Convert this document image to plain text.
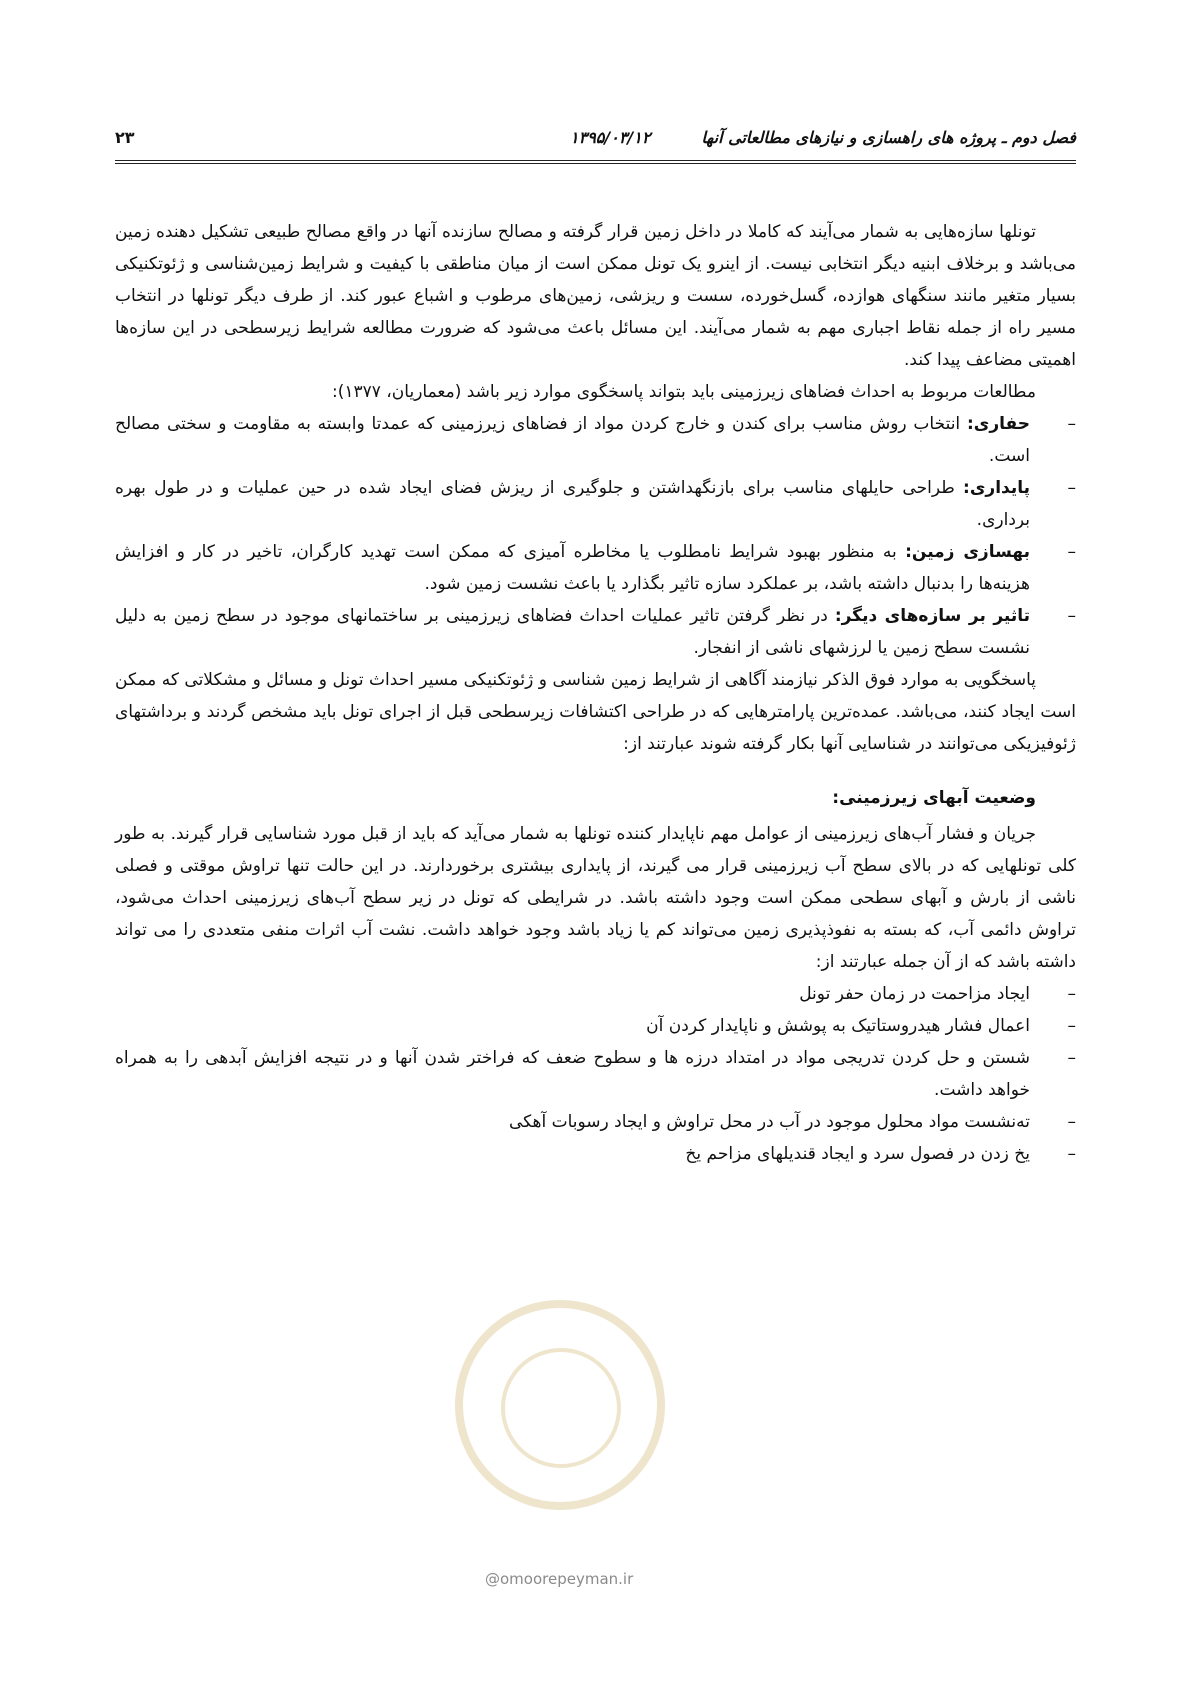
فصل دوم ـ پروژه های راهسازی و نیازهای مطالعاتی آنها
۱۳۹۵/۰۳/۱۲
۲۳

تونلها سازه‌هایی به شمار می‌آیند که کاملا در داخل زمین قرار گرفته و مصالح سازنده آنها در واقع مصالح طبیعی تشکیل دهنده زمین می‌باشد و برخلاف ابنیه دیگر انتخابی نیست. از اینرو یک تونل ممکن است از میان مناطقی با کیفیت و شرایط زمین‌شناسی و ژئوتکنیکی بسیار متغیر مانند سنگهای هوازده، گسل‌خورده، سست و ریزشی، زمین‌های مرطوب و اشباع عبور کند. از طرف دیگر تونلها در انتخاب مسیر راه از جمله نقاط اجباری مهم به شمار می‌آیند. این مسائل باعث می‌شود که ضرورت مطالعه شرایط زیرسطحی در این سازه‌ها اهمیتی مضاعف پیدا کند.

مطالعات مربوط به احداث فضاهای زیرزمینی باید بتواند پاسخگوی موارد زیر باشد (معماریان، ۱۳۷۷):

–
حفاری: انتخاب روش مناسب برای کندن و خارج کردن مواد از فضاهای زیرزمینی که عمدتا وابسته به مقاومت و سختی مصالح است.
–
پایداری: طراحی حایلهای مناسب برای بازنگهداشتن و جلوگیری از ریزش فضای ایجاد شده در حین عملیات و در طول بهره برداری.
–
بهسازی زمین: به منظور بهبود شرایط نامطلوب یا مخاطره آمیزی که ممکن است تهدید کارگران، تاخیر در کار و افزایش هزینه‌ها را بدنبال داشته باشد، بر عملکرد سازه تاثیر بگذارد یا باعث نشست زمین شود.
–
تاثیر بر سازه‌های دیگر: در نظر گرفتن تاثیر عملیات احداث فضاهای زیرزمینی بر ساختمانهای موجود در سطح زمین به دلیل نشست سطح زمین یا لرزشهای ناشی از انفجار.

پاسخگویی به موارد فوق الذکر نیازمند آگاهی از شرایط زمین شناسی و ژئوتکنیکی مسیر احداث تونل و مسائل و مشکلاتی که ممکن است ایجاد کنند، می‌باشد. عمده‌ترین پارامترهایی که در طراحی اکتشافات زیرسطحی قبل از اجرای تونل باید مشخص گردند و برداشتهای ژئوفیزیکی می‌توانند در شناسایی آنها بکار گرفته شوند عبارتند از:

وضعیت آبهای زیرزمینی:

جریان و فشار آب‌های زیرزمینی از عوامل مهم ناپایدار کننده تونلها به شمار می‌آید که باید از قبل مورد شناسایی قرار گیرند. به طور کلی تونلهایی که در بالای سطح آب زیرزمینی قرار می گیرند، از پایداری بیشتری برخوردارند. در این حالت تنها تراوش موقتی و فصلی ناشی از بارش و آبهای سطحی ممکن است وجود داشته باشد. در شرایطی که تونل در زیر سطح آب‌های زیرزمینی احداث می‌شود، تراوش دائمی آب، که بسته به نفوذپذیری زمین می‌تواند کم یا زیاد باشد وجود خواهد داشت. نشت آب اثرات منفی متعددی را می تواند داشته باشد که از آن جمله عبارتند از:

–
ایجاد مزاحمت در زمان حفر تونل
–
اعمال فشار هیدروستاتیک به پوشش و ناپایدار کردن آن
–
شستن و حل کردن تدریجی مواد در امتداد درزه ها و سطوح ضعف که فراختر شدن آنها و در نتیجه افزایش آبدهی را به همراه خواهد داشت.
–
ته‌نشست مواد محلول موجود در آب در محل تراوش و ایجاد رسوبات آهکی
–
یخ زدن در فصول سرد و ایجاد قندیلهای مزاحم یخ
@omoorepeyman.ir
